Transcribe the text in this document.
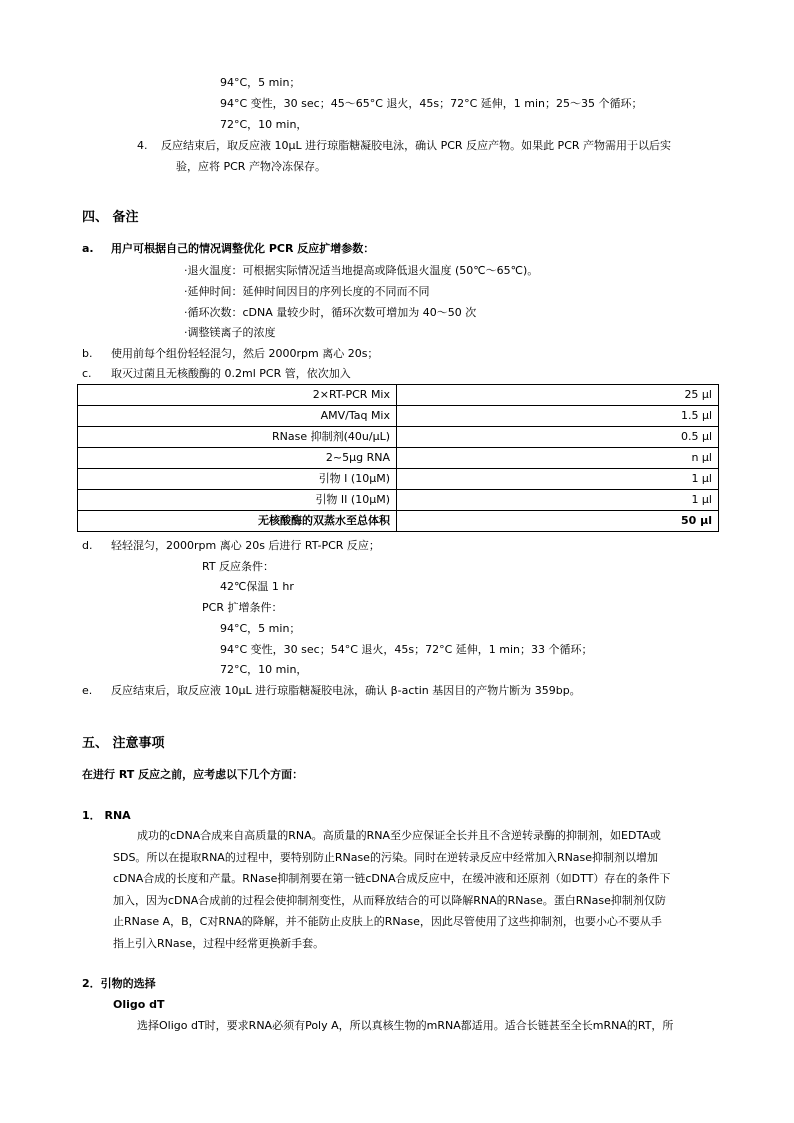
94°C，5 min；
94°C 变性，30 sec；45～65°C 退火，45s；72°C 延伸，1 min；25～35 个循环；
72°C，10 min，
4. 反应结束后，取反应液 10μL 进行琼脂糖凝胶电泳，确认 PCR 反应产物。如果此 PCR 产物需用于以后实
验，应将 PCR 产物冷冻保存。
四、 备注
a. 用户可根据自己的情况调整优化 PCR 反应扩增参数：
·退火温度：可根据实际情况适当地提高或降低退火温度 (50℃～65℃)。
·延伸时间：延伸时间因目的序列长度的不同而不同
·循环次数：cDNA 量较少时，循环次数可增加为 40～50 次
·调整镁离子的浓度
b. 使用前每个组份轻轻混匀，然后 2000rpm 离心 20s；
c. 取灭过菌且无核酸酶的 0.2ml PCR 管，依次加入
2×RT-PCR Mix	25 μl
AMV/Taq Mix	1.5 μl
RNase 抑制剂(40u/μL)	0.5 μl
2~5μg RNA	n μl
引物 I (10μM)	1 μl
引物 II (10μM)	1 μl
无核酸酶的双蒸水至总体积	50 μl
d. 轻轻混匀，2000rpm 离心 20s 后进行 RT-PCR 反应；
RT 反应条件：
42℃保温 1 hr
PCR 扩增条件：
94°C，5 min；
94°C 变性，30 sec；54°C 退火，45s；72°C 延伸，1 min；33 个循环；
72°C，10 min，
e. 反应结束后，取反应液 10μL 进行琼脂糖凝胶电泳，确认 β-actin 基因目的产物片断为 359bp。
五、 注意事项
在进行 RT 反应之前，应考虑以下几个方面：
1． RNA
成功的cDNA合成来自高质量的RNA。高质量的RNA至少应保证全长并且不含逆转录酶的抑制剂，如EDTA或
SDS。所以在提取RNA的过程中，要特别防止RNase的污染。同时在逆转录反应中经常加入RNase抑制剂以增加
cDNA合成的长度和产量。RNase抑制剂要在第一链cDNA合成反应中，在缓冲液和还原剂（如DTT）存在的条件下
加入，因为cDNA合成前的过程会使抑制剂变性，从而释放结合的可以降解RNA的RNase。蛋白RNase抑制剂仅防
止RNase A，B，C对RNA的降解，并不能防止皮肤上的RNase，因此尽管使用了这些抑制剂，也要小心不要从手
指上引入RNase，过程中经常更换新手套。
2．引物的选择
Oligo dT
选择Oligo dT时，要求RNA必须有Poly A，所以真核生物的mRNA都适用。适合长链甚至全长mRNA的RT，所
